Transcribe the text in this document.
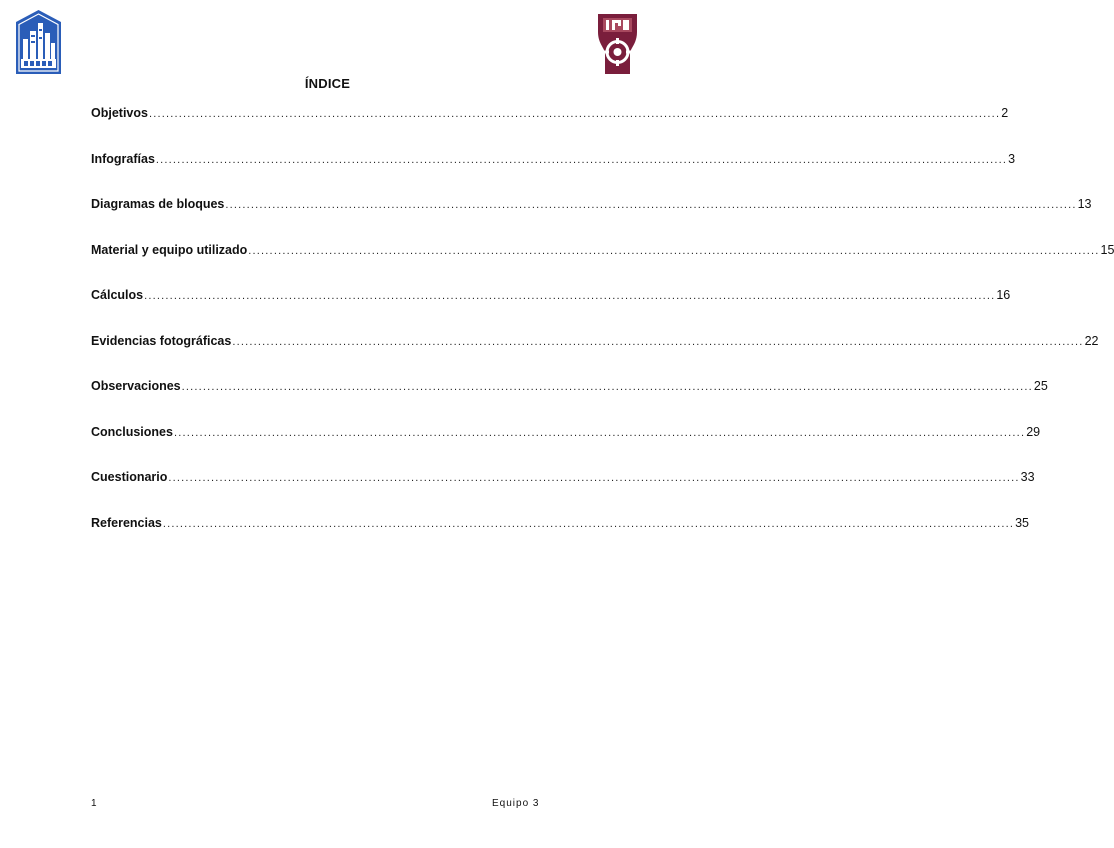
ÍNDICE
Objetivos ........................................................................................................................................................................................................ 2
Infografías ........................................................................................................................................................................................................ 3
Diagramas de bloques ........................................................................................................................................................................................................ 13
Material y equipo utilizado ........................................................................................................................................................................................................ 15
Cálculos ........................................................................................................................................................................................................ 16
Evidencias fotográficas ........................................................................................................................................................................................................ 22
Observaciones ........................................................................................................................................................................................................ 25
Conclusiones ........................................................................................................................................................................................................ 29
Cuestionario ........................................................................................................................................................................................................ 33
Referencias ........................................................................................................................................................................................................ 35
1	Equipo 3
